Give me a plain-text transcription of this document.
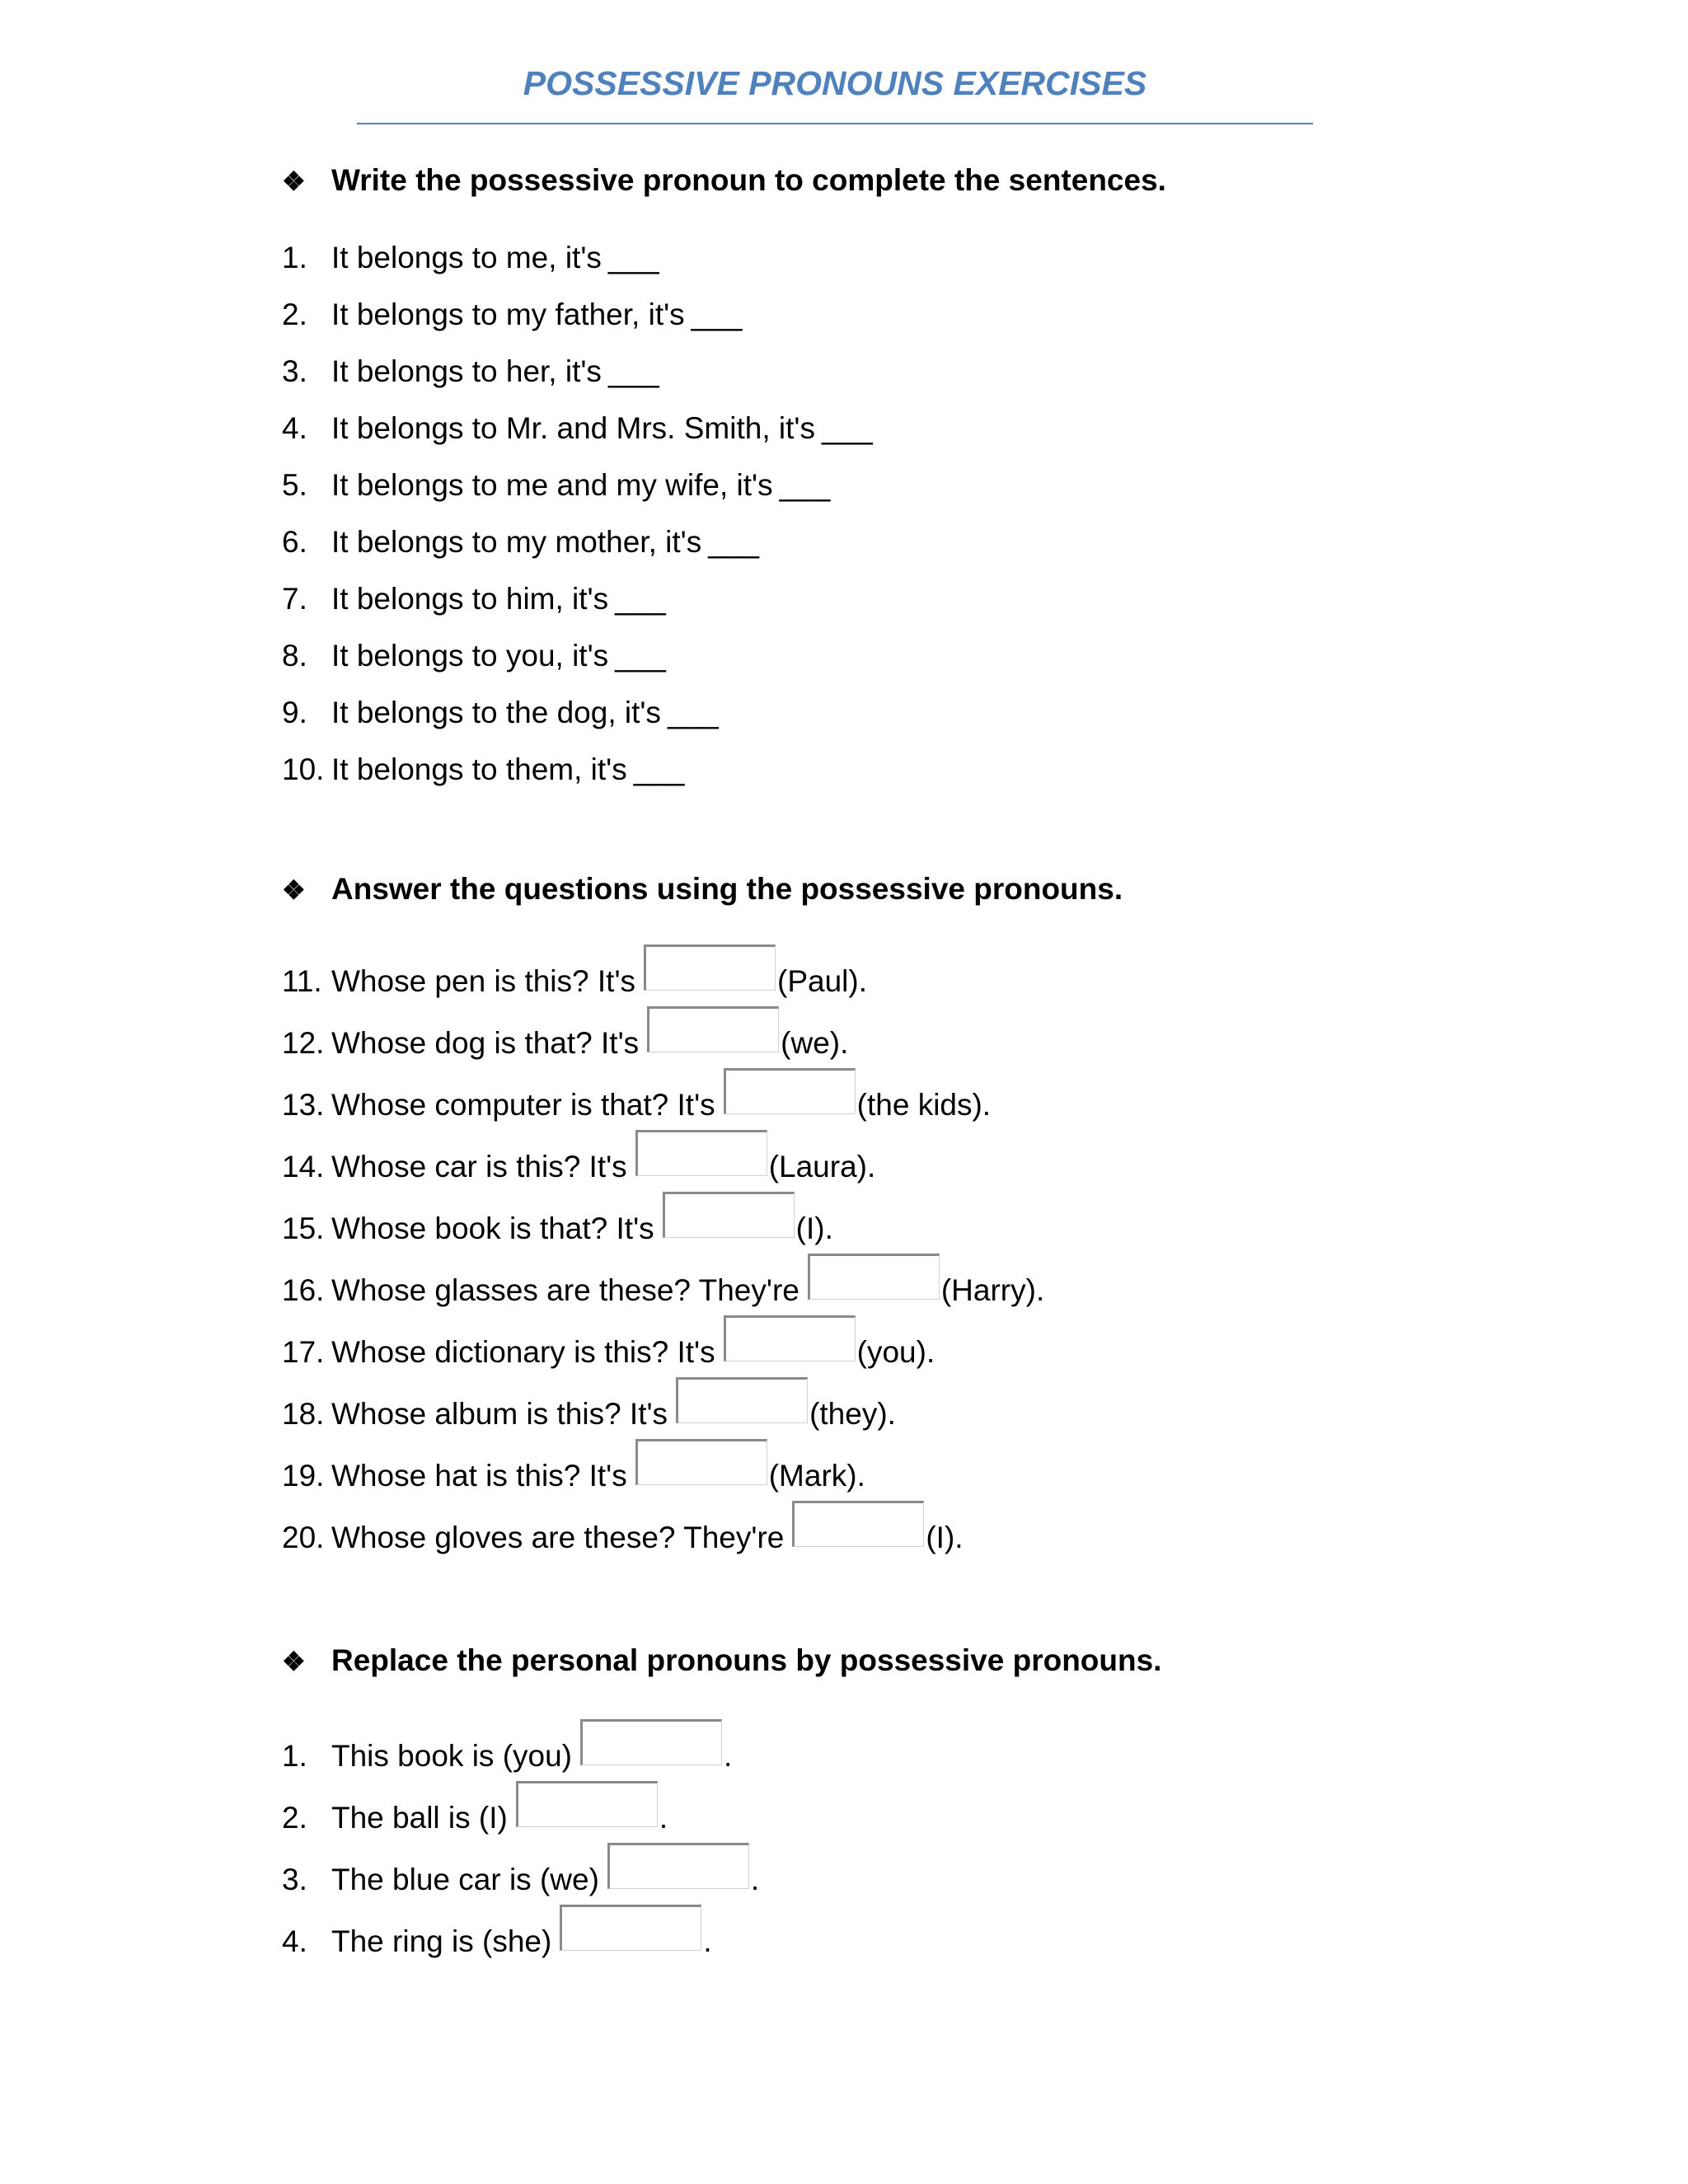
POSSESSIVE PRONOUNS EXERCISES
❖ Write the possessive pronoun to complete the sentences.
1. It belongs to me, it's ___
2. It belongs to my father, it's ___
3. It belongs to her, it's ___
4. It belongs to Mr. and Mrs. Smith, it's ___
5. It belongs to me and my wife, it's ___
6. It belongs to my mother, it's ___
7. It belongs to him, it's ___
8. It belongs to you, it's ___
9. It belongs to the dog, it's ___
10. It belongs to them, it's ___
❖ Answer the questions using the possessive pronouns.
11. Whose pen is this? It's	(Paul).
12. Whose dog is that? It's	(we).
13. Whose computer is that? It's	(the kids).
14. Whose car is this? It's	(Laura).
15. Whose book is that? It's	(I).
16. Whose glasses are these? They're	(Harry).
17. Whose dictionary is this? It's	(you).
18. Whose album is this? It's	(they).
19. Whose hat is this? It's	(Mark).
20. Whose gloves are these? They're	(I).
❖ Replace the personal pronouns by possessive pronouns.
1. This book is (you)	.
2. The ball is (I)	.
3. The blue car is (we)	.
4. The ring is (she)	.
